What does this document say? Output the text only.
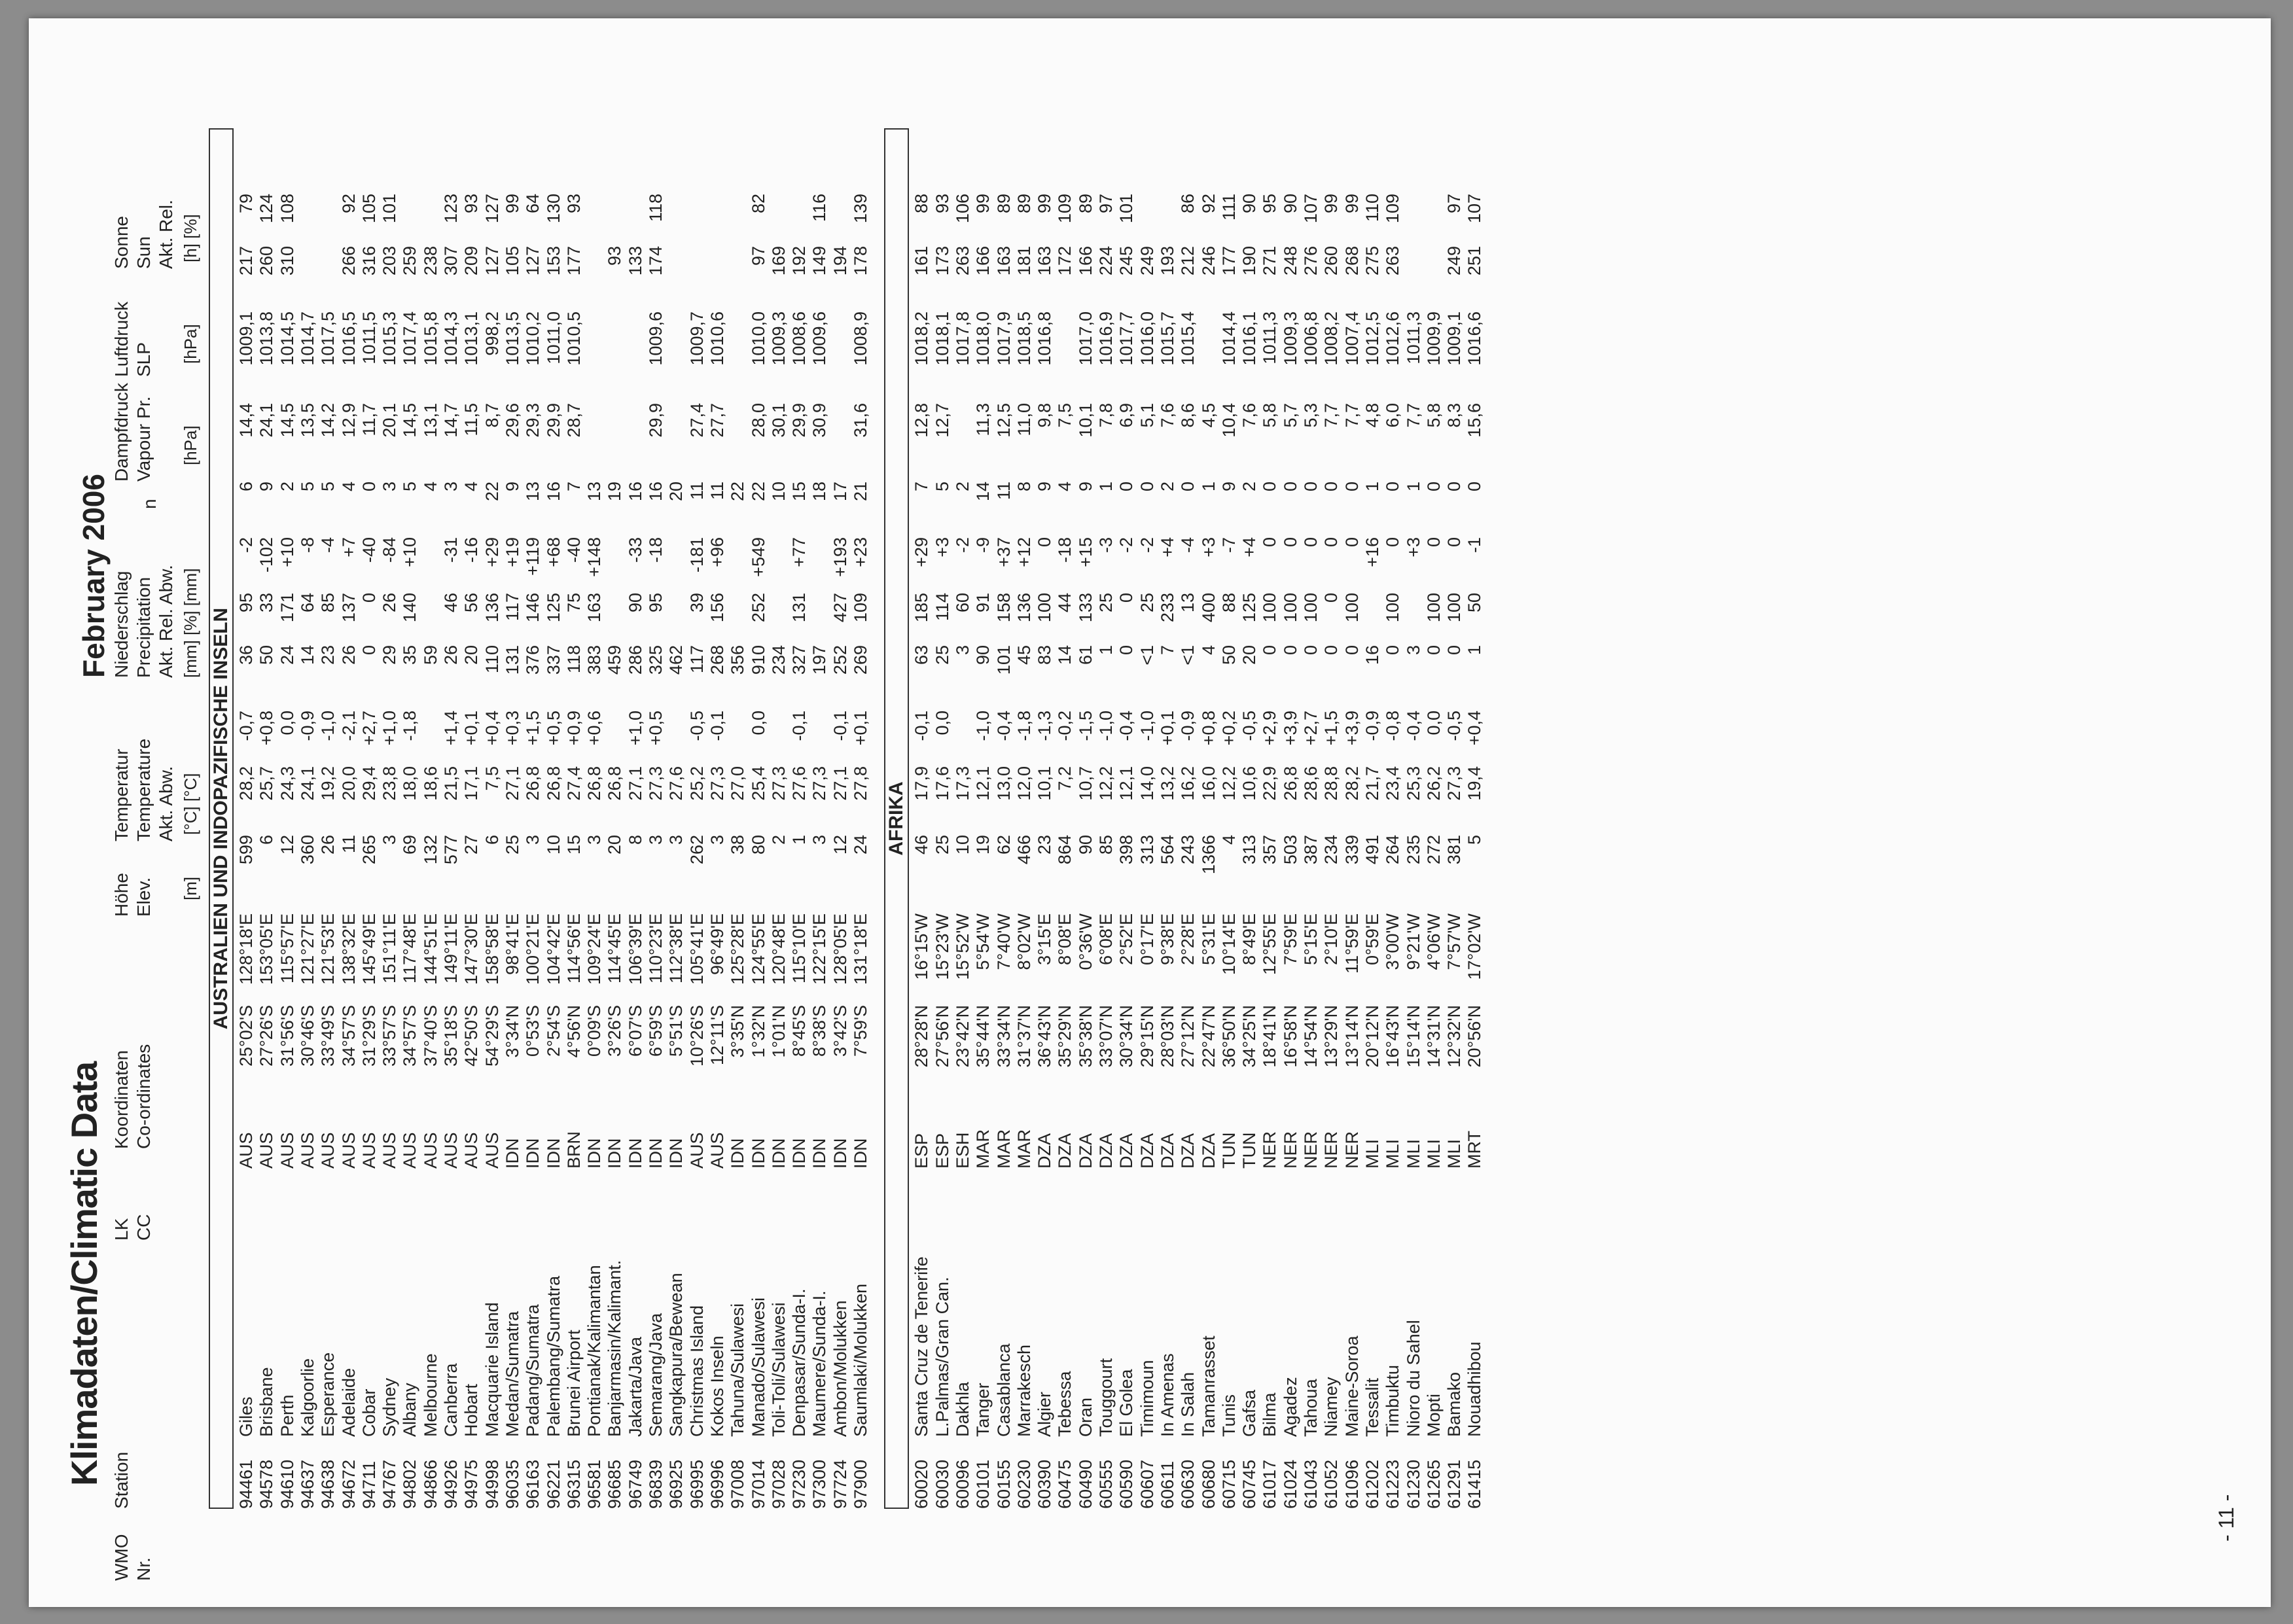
Klimadaten/Climatic Data
February 2006
WMO Nr.
Station
LK CC
Koordinaten Co-ordinates
Höhe Elev.
Temperatur Temperature Akt. Abw.
Niederschlag Precipitation Akt. Rel. Abw.
n
Dampfdruck Vapour Pr.
Luftdruck SLP
Sonne Sun Akt. Rel.
[m]
[°C] [°C]
[mm] [%] [mm]
[hPa]
[hPa]
[h] [%]
AUSTRALIEN UND INDOPAZIFISCHE INSELN
94461
Giles
AUS
25°02'S
128°18'E
599
28,2
-0,7
36
95
-2
6
14,4
1009,1
217
79
94578
Brisbane
AUS
27°26'S
153°05'E
6
25,7
+0,8
50
33
-102
9
24,1
1013,8
260
124
94610
Perth
AUS
31°56'S
115°57'E
12
24,3
0,0
24
171
+10
2
14,5
1014,5
310
108
94637
Kalgoorlie
AUS
30°46'S
121°27'E
360
24,1
-0,9
14
64
-8
5
13,5
1014,7
94638
Esperance
AUS
33°49'S
121°53'E
26
19,2
-1,0
23
85
-4
5
14,2
1017,5
94672
Adelaide
AUS
34°57'S
138°32'E
11
20,0
-2,1
26
137
+7
4
12,9
1016,5
266
92
94711
Cobar
AUS
31°29'S
145°49'E
265
29,4
+2,7
0
0
-40
0
11,7
1011,5
316
105
94767
Sydney
AUS
33°57'S
151°11'E
3
23,8
+1,0
29
26
-84
3
20,1
1015,3
203
101
94802
Albany
AUS
34°57'S
117°48'E
69
18,0
-1,8
35
140
+10
5
14,5
1017,4
259
94866
Melbourne
AUS
37°40'S
144°51'E
132
18,6
59
4
13,1
1015,8
238
94926
Canberra
AUS
35°18'S
149°11'E
577
21,5
+1,4
26
46
-31
3
14,7
1014,3
307
123
94975
Hobart
AUS
42°50'S
147°30'E
27
17,1
+0,1
20
56
-16
4
11,5
1013,1
209
93
94998
Macquarie Island
AUS
54°29'S
158°58'E
6
7,5
+0,4
110
136
+29
22
8,7
998,2
127
127
96035
Medan/Sumatra
IDN
3°34'N
98°41'E
25
27,1
+0,3
131
117
+19
9
29,6
1013,5
105
99
96163
Padang/Sumatra
IDN
0°53'S
100°21'E
3
26,8
+1,5
376
146
+119
13
29,3
1010,2
127
64
96221
Palembang/Sumatra
IDN
2°54'S
104°42'E
10
26,8
+0,5
337
125
+68
16
29,9
1011,0
153
130
96315
Brunei Airport
BRN
4°56'N
114°56'E
15
27,4
+0,9
118
75
-40
7
28,7
1010,5
177
93
96581
Pontianak/Kalimantan
IDN
0°09'S
109°24'E
3
26,8
+0,6
383
163
+148
13
96685
Banjarmasin/Kalimant.
IDN
3°26'S
114°45'E
20
26,8
459
19
93
96749
Jakarta/Java
IDN
6°07'S
106°39'E
8
27,1
+1,0
286
90
-33
16
133
96839
Semarang/Java
IDN
6°59'S
110°23'E
3
27,3
+0,5
325
95
-18
16
29,9
1009,6
174
118
96925
Sangkapura/Bewean
IDN
5°51'S
112°38'E
3
27,6
462
20
96995
Christmas Island
AUS
10°26'S
105°41'E
262
25,2
-0,5
117
39
-181
11
27,4
1009,7
96996
Kokos Inseln
AUS
12°11'S
96°49'E
3
27,3
-0,1
268
156
+96
11
27,7
1010,6
97008
Tahuna/Sulawesi
IDN
3°35'N
125°28'E
38
27,0
356
22
97014
Manado/Sulawesi
IDN
1°32'N
124°55'E
80
25,4
0,0
910
252
+549
22
28,0
1010,0
97
82
97028
Toli-Toli/Sulawesi
IDN
1°01'N
120°48'E
2
27,3
234
10
30,1
1009,3
169
97230
Denpasar/Sunda-I.
IDN
8°45'S
115°10'E
1
27,6
-0,1
327
131
+77
15
29,9
1008,6
192
97300
Maumere/Sunda-I.
IDN
8°38'S
122°15'E
3
27,3
197
18
30,9
1009,6
149
116
97724
Ambon/Molukken
IDN
3°42'S
128°05'E
12
27,1
-0,1
252
427
+193
17
194
97900
Saumlaki/Molukken
IDN
7°59'S
131°18'E
24
27,8
+0,1
269
109
+23
21
31,6
1008,9
178
139
AFRIKA
60020
Santa Cruz de Tenerife
ESP
28°28'N
16°15'W
46
17,9
-0,1
63
185
+29
7
12,8
1018,2
161
88
60030
L.Palmas/Gran Can.
ESP
27°56'N
15°23'W
25
17,6
0,0
25
114
+3
5
12,7
1018,1
173
93
60096
Dakhla
ESH
23°42'N
15°52'W
10
17,3
3
60
-2
2
1017,8
263
106
60101
Tanger
MAR
35°44'N
5°54'W
19
12,1
-1,0
90
91
-9
14
11,3
1018,0
166
99
60155
Casablanca
MAR
33°34'N
7°40'W
62
13,0
-0,4
101
158
+37
11
12,5
1017,9
163
89
60230
Marrakesch
MAR
31°37'N
8°02'W
466
12,0
-1,8
45
136
+12
8
11,0
1018,5
181
89
60390
Algier
DZA
36°43'N
3°15'E
23
10,1
-1,3
83
100
0
9
9,8
1016,8
163
99
60475
Tebessa
DZA
35°29'N
8°08'E
864
7,2
-0,2
14
44
-18
4
7,5
172
109
60490
Oran
DZA
35°38'N
0°36'W
90
10,7
-1,5
61
133
+15
9
10,1
1017,0
166
89
60555
Touggourt
DZA
33°07'N
6°08'E
85
12,2
-1,0
1
25
-3
1
7,8
1016,9
224
97
60590
El Golea
DZA
30°34'N
2°52'E
398
12,1
-0,4
0
0
-2
0
6,9
1017,7
245
101
60607
Timimoun
DZA
29°15'N
0°17'E
313
14,0
-1,0
<1
25
-2
0
5,1
1016,0
249
60611
In Amenas
DZA
28°03'N
9°38'E
564
13,2
+0,1
7
233
+4
2
7,6
1015,7
193
60630
In Salah
DZA
27°12'N
2°28'E
243
16,2
-0,9
<1
13
-4
0
8,6
1015,4
212
86
60680
Tamanrasset
DZA
22°47'N
5°31'E
1366
16,0
+0,8
4
400
+3
1
4,5
246
92
60715
Tunis
TUN
36°50'N
10°14'E
4
12,2
+0,2
50
88
-7
9
10,4
1014,4
177
111
60745
Gafsa
TUN
34°25'N
8°49'E
313
10,6
-0,5
20
125
+4
2
7,6
1016,1
190
90
61017
Bilma
NER
18°41'N
12°55'E
357
22,9
+2,9
0
100
0
0
5,8
1011,3
271
95
61024
Agadez
NER
16°58'N
7°59'E
503
26,8
+3,9
0
100
0
0
5,7
1009,3
248
90
61043
Tahoua
NER
14°54'N
5°15'E
387
28,6
+2,7
0
100
0
0
5,3
1006,8
276
107
61052
Niamey
NER
13°29'N
2°10'E
234
28,8
+1,5
0
0
0
0
7,7
1008,2
260
99
61096
Maine-Soroa
NER
13°14'N
11°59'E
339
28,2
+3,9
0
100
0
0
7,7
1007,4
268
99
61202
Tessalit
MLI
20°12'N
0°59'E
491
21,7
-0,9
16
+16
1
4,8
1012,5
275
110
61223
Timbuktu
MLI
16°43'N
3°00'W
264
23,4
-0,8
0
100
0
0
6,0
1012,6
263
109
61230
Nioro du Sahel
MLI
15°14'N
9°21'W
235
25,3
-0,4
3
+3
1
7,7
1011,3
61265
Mopti
MLI
14°31'N
4°06'W
272
26,2
0,0
0
100
0
0
5,8
1009,9
61291
Bamako
MLI
12°32'N
7°57'W
381
27,3
-0,5
0
100
0
0
8,3
1009,1
249
97
61415
Nouadhibou
MRT
20°56'N
17°02'W
5
19,4
+0,4
1
50
-1
0
15,6
1016,6
251
107
- 11 -
